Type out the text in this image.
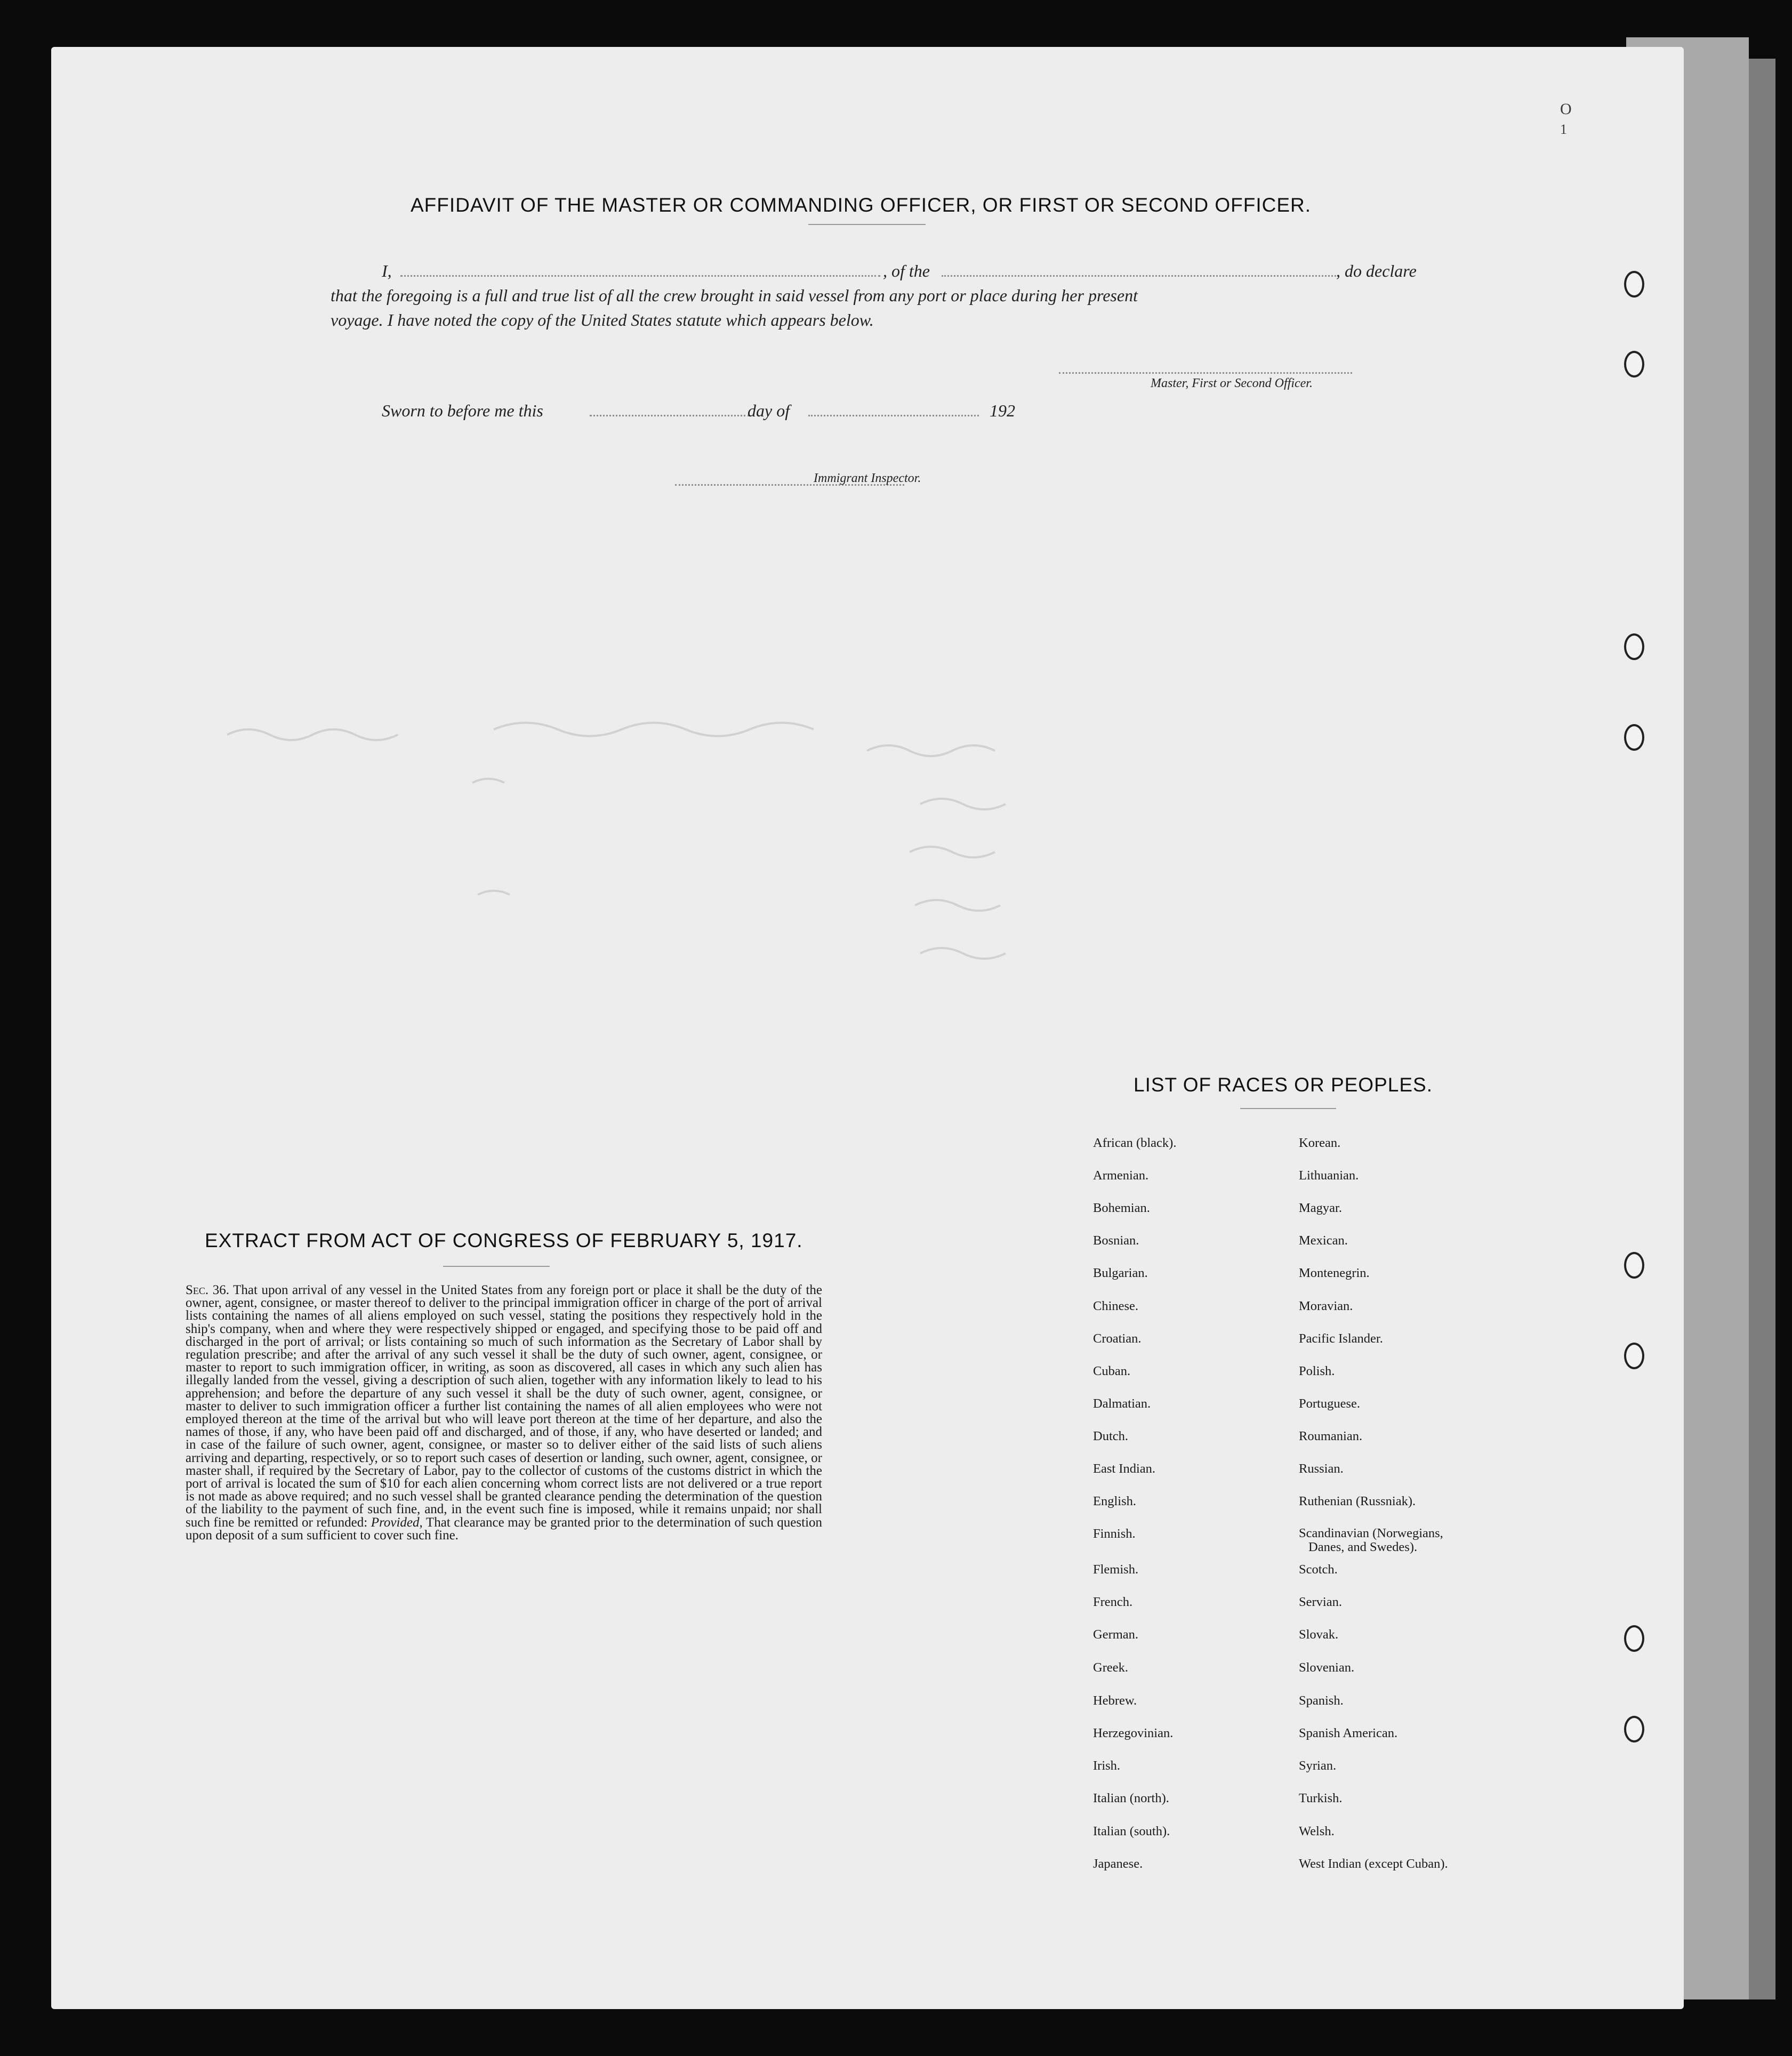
O
1
AFFIDAVIT OF THE MASTER OR COMMANDING OFFICER, OR FIRST OR SECOND OFFICER.
I,	, of the	, do declare
that the foregoing is a full and true list of all the crew brought in said vessel from any port or place during her present
voyage. I have noted the copy of the United States statute which appears below.
Master, First or Second Officer.
Sworn to before me this	day of	192
Immigrant Inspector.
EXTRACT FROM ACT OF CONGRESS OF FEBRUARY 5, 1917.
Sec. 36. That upon arrival of any vessel in the United States from any foreign port or place it shall be the duty of the owner, agent, consignee, or master thereof to deliver to the principal immigration officer in charge of the port of arrival lists containing the names of all aliens employed on such vessel, stating the positions they respectively hold in the ship's company, when and where they were respectively shipped or engaged, and specifying those to be paid off and discharged in the port of arrival; or lists containing so much of such information as the Secretary of Labor shall by regulation prescribe; and after the arrival of any such vessel it shall be the duty of such owner, agent, consignee, or master to report to such immigration officer, in writing, as soon as discovered, all cases in which any such alien has illegally landed from the vessel, giving a description of such alien, together with any information likely to lead to his apprehension; and before the departure of any such vessel it shall be the duty of such owner, agent, consignee, or master to deliver to such immigration officer a further list containing the names of all alien employees who were not employed thereon at the time of the arrival but who will leave port thereon at the time of her departure, and also the names of those, if any, who have been paid off and discharged, and of those, if any, who have deserted or landed; and in case of the failure of such owner, agent, consignee, or master so to deliver either of the said lists of such aliens arriving and departing, respectively, or so to report such cases of desertion or landing, such owner, agent, consignee, or master shall, if required by the Secretary of Labor, pay to the collector of customs of the customs district in which the port of arrival is located the sum of $10 for each alien concerning whom correct lists are not delivered or a true report is not made as above required; and no such vessel shall be granted clearance pending the determination of the question of the liability to the payment of such fine, and, in the event such fine is imposed, while it remains unpaid; nor shall such fine be remitted or refunded: Provided, That clearance may be granted prior to the determination of such question upon deposit of a sum sufficient to cover such fine.
LIST OF RACES OR PEOPLES.
African (black).
Armenian.
Bohemian.
Bosnian.
Bulgarian.
Chinese.
Croatian.
Cuban.
Dalmatian.
Dutch.
East Indian.
English.
Finnish.
Flemish.
French.
German.
Greek.
Hebrew.
Herzegovinian.
Irish.
Italian (north).
Italian (south).
Japanese.
Korean.
Lithuanian.
Magyar.
Mexican.
Montenegrin.
Moravian.
Pacific Islander.
Polish.
Portuguese.
Roumanian.
Russian.
Ruthenian (Russniak).
Scandinavian (Norwegians,
Danes, and Swedes).
Scotch.
Servian.
Slovak.
Slovenian.
Spanish.
Spanish American.
Syrian.
Turkish.
Welsh.
West Indian (except Cuban).
